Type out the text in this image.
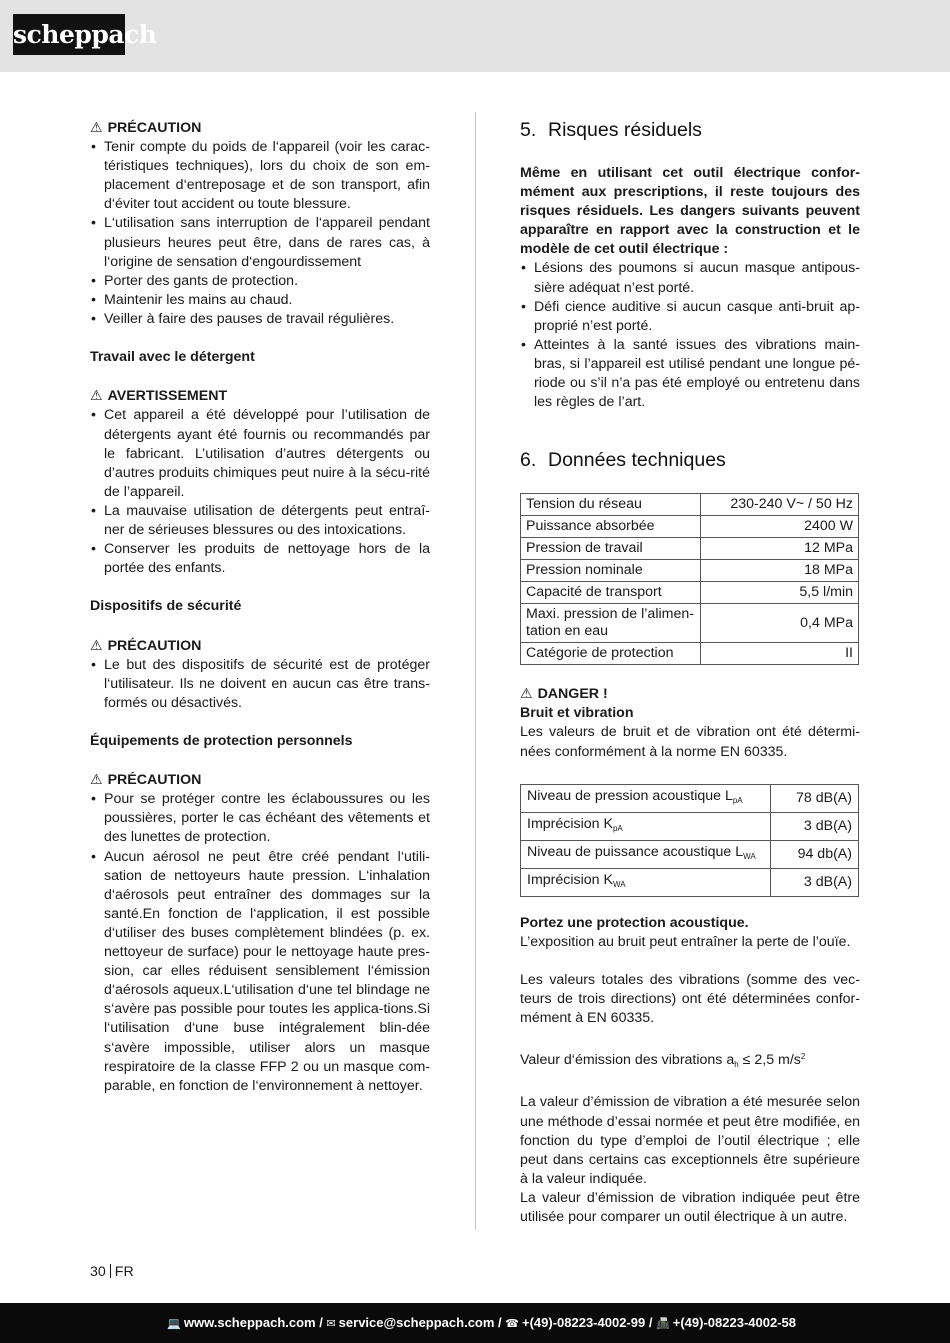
scheppach
⚠ PRÉCAUTION
• Tenir compte du poids de l‘appareil (voir les carac-téristiques techniques), lors du choix de son em-placement d‘entreposage et de son transport, afin d‘éviter tout accident ou toute blessure.
• L‘utilisation sans interruption de l‘appareil pendant plusieurs heures peut être, dans de rares cas, à l‘origine de sensation d‘engourdissement
• Porter des gants de protection.
• Maintenir les mains au chaud.
• Veiller à faire des pauses de travail régulières.
Travail avec le détergent
⚠ AVERTISSEMENT
• Cet appareil a été développé pour l’utilisation de détergents ayant été fournis ou recommandés par le fabricant. L’utilisation d’autres détergents ou d’autres produits chimiques peut nuire à la sécu-rité de l’appareil.
• La mauvaise utilisation de détergents peut entraî-ner de sérieuses blessures ou des intoxications.
• Conserver les produits de nettoyage hors de la portée des enfants.
Dispositifs de sécurité
⚠ PRÉCAUTION
• Le but des dispositifs de sécurité est de protéger l‘utilisateur. Ils ne doivent en aucun cas être trans-formés ou désactivés.
Équipements de protection personnels
⚠ PRÉCAUTION
• Pour se protéger contre les éclaboussures ou les poussières, porter le cas échéant des vêtements et des lunettes de protection.
• Aucun aérosol ne peut être créé pendant l‘utili-sation de nettoyeurs haute pression. L‘inhalation d‘aérosols peut entraîner des dommages sur la santé.En fonction de l‘application, il est possible d‘utiliser des buses complètement blindées (p. ex. nettoyeur de surface) pour le nettoyage haute pres-sion, car elles réduisent sensiblement l‘émission d‘aérosols aqueux.L‘utilisation d‘une tel blindage ne s‘avère pas possible pour toutes les applica-tions.Si l‘utilisation d‘une buse intégralement blin-dée s‘avère impossible, utiliser alors un masque respiratoire de la classe FFP 2 ou un masque com-parable, en fonction de l‘environnement à nettoyer.
5. Risques résiduels
Même en utilisant cet outil électrique confor-mément aux prescriptions, il reste toujours des risques résiduels. Les dangers suivants peuvent apparaître en rapport avec la construction et le modèle de cet outil électrique :
• Lésions des poumons si aucun masque antipous-sière adéquat n’est porté.
• Défi cience auditive si aucun casque anti-bruit ap-proprié n’est porté.
• Atteintes à la santé issues des vibrations main-bras, si l’appareil est utilisé pendant une longue pé-riode ou s’il n’a pas été employé ou entretenu dans les règles de l’art.
6. Données techniques
Tension du réseau	230-240 V~ / 50 Hz
Puissance absorbée	2400 W
Pression de travail	12 MPa
Pression nominale	18 MPa
Capacité de transport	5,5 l/min
Maxi. pression de l’alimen-tation en eau	0,4 MPa
Catégorie de protection	II
⚠ DANGER !
Bruit et vibration

Les valeurs de bruit et de vibration ont été détermi-nées conformément à la norme EN 60335.

Niveau de pression acoustique $L_{pA}$	78 dB(A)
Imprécision $K_{pA}$	3 dB(A)
Niveau de puissance acoustique $L_{WA}$	94 db(A)
Imprécision $K_{WA}$	3 dB(A)
Portez une protection acoustique.

L’exposition au bruit peut entraîner la perte de l’ouïe.

Les valeurs totales des vibrations (somme des vec-teurs de trois directions) ont été déterminées confor-mément à EN 60335.

Valeur d‘émission des vibrations $a_h \le 2,5$ $m/s^2$

La valeur d’émission de vibration a été mesurée selon une méthode d’essai normée et peut être modifiée, en fonction du type d’emploi de l’outil électrique ; elle peut dans certains cas exceptionnels être supérieure à la valeur indiquée.

La valeur d’émission de vibration indiquée peut être utilisée pour comparer un outil électrique à un autre.

30 FR
💻 www.scheppach.com / ✉ service@scheppach.com / ☎ +(49)-08223-4002-99 / 📠 +(49)-08223-4002-58
